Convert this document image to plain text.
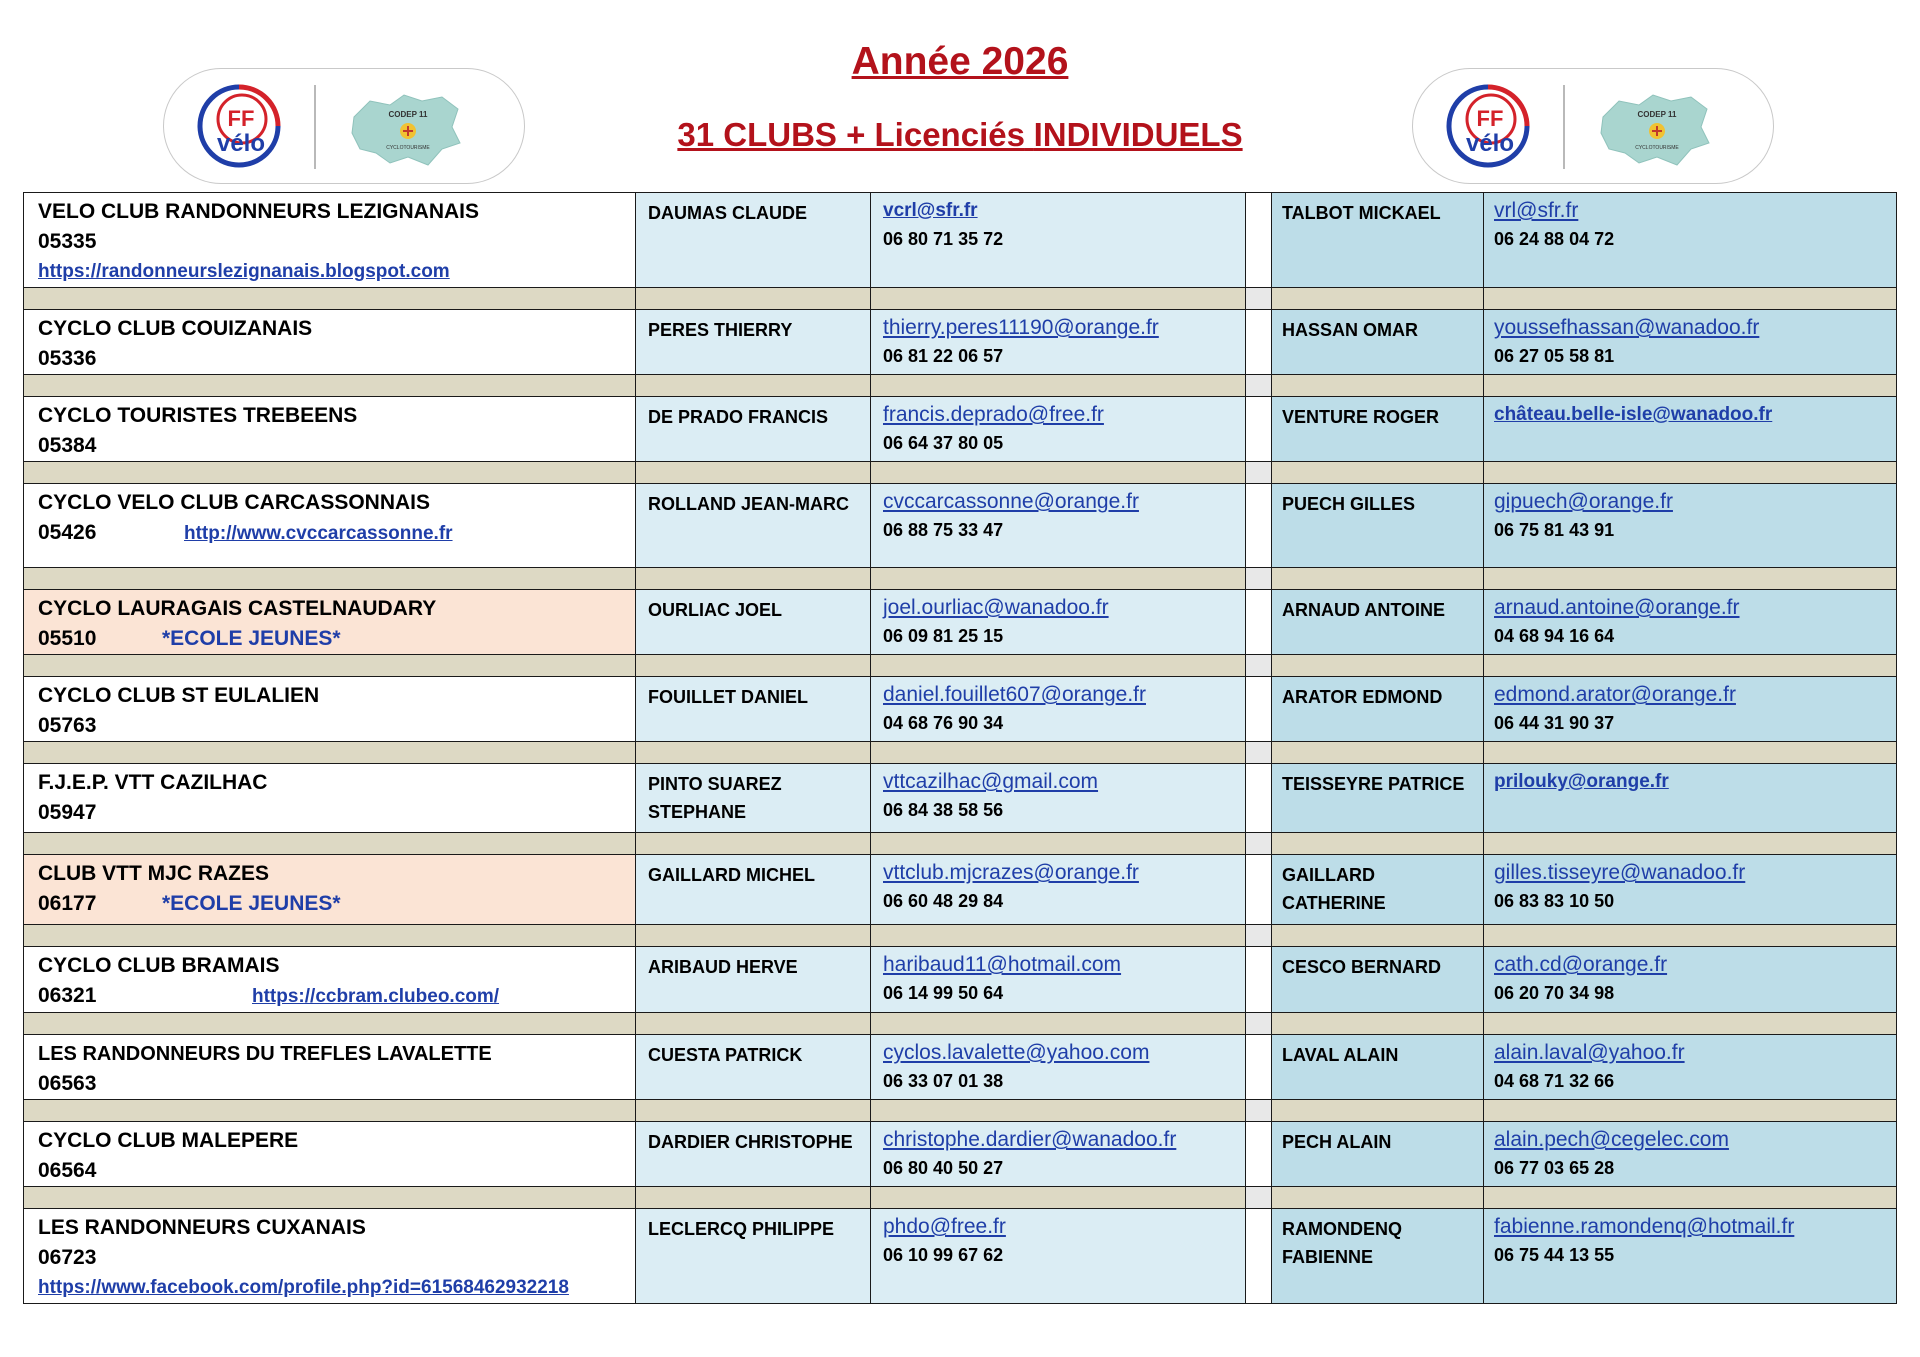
Année 2026
31 CLUBS + Licenciés INDIVIDUELS
FF
vélo
CODEP 11
CYCLOTOURISME
FF
vélo
CODEP 11
CYCLOTOURISME
VELO CLUB RANDONNEURS LEZIGNANAIS
05335
https://randonneurslezignanais.blogspot.com	DAUMAS CLAUDE	vcrl@sfr.fr
06 80 71 35 72		TALBOT MICKAEL	vrl@sfr.fr
06 24 88 04 72

CYCLO CLUB COUIZANAIS
05336	PERES THIERRY	thierry.peres11190@orange.fr
06 81 22 06 57		HASSAN OMAR	youssefhassan@wanadoo.fr
06 27 05 58 81

CYCLO TOURISTES TREBEENS
05384	DE PRADO FRANCIS	francis.deprado@free.fr
06 64 37 80 05		VENTURE ROGER	château.belle-isle@wanadoo.fr

CYCLO VELO CLUB CARCASSONNAIS
05426 http://www.cvccarcassonne.fr	ROLLAND JEAN-MARC	cvccarcassonne@orange.fr
06 88 75 33 47		PUECH GILLES	gipuech@orange.fr
06 75 81 43 91

CYCLO LAURAGAIS CASTELNAUDARY
05510 *ECOLE JEUNES*	OURLIAC JOEL	joel.ourliac@wanadoo.fr
06 09 81 25 15		ARNAUD ANTOINE	arnaud.antoine@orange.fr
04 68 94 16 64

CYCLO CLUB ST EULALIEN
05763	FOUILLET DANIEL	daniel.fouillet607@orange.fr
04 68 76 90 34		ARATOR EDMOND	edmond.arator@orange.fr
06 44 31 90 37

F.J.E.P. VTT CAZILHAC
05947	PINTO SUAREZ STEPHANE	vttcazilhac@gmail.com
06 84 38 58 56		TEISSEYRE PATRICE	prilouky@orange.fr

CLUB VTT MJC RAZES
06177 *ECOLE JEUNES*	GAILLARD MICHEL	vttclub.mjcrazes@orange.fr
06 60 48 29 84		GAILLARD CATHERINE	gilles.tisseyre@wanadoo.fr
06 83 83 10 50

CYCLO CLUB BRAMAIS
06321 https://ccbram.clubeo.com/	ARIBAUD HERVE	haribaud11@hotmail.com
06 14 99 50 64		CESCO BERNARD	cath.cd@orange.fr
06 20 70 34 98

LES RANDONNEURS DU TREFLES LAVALETTE
06563	CUESTA PATRICK	cyclos.lavalette@yahoo.com
06 33 07 01 38		LAVAL ALAIN	alain.laval@yahoo.fr
04 68 71 32 66

CYCLO CLUB MALEPERE
06564	DARDIER CHRISTOPHE	christophe.dardier@wanadoo.fr
06 80 40 50 27		PECH ALAIN	alain.pech@cegelec.com
06 77 03 65 28

LES RANDONNEURS CUXANAIS
06723
https://www.facebook.com/profile.php?id=61568462932218	LECLERCQ PHILIPPE	phdo@free.fr
06 10 99 67 62		RAMONDENQ FABIENNE	fabienne.ramondenq@hotmail.fr
06 75 44 13 55
